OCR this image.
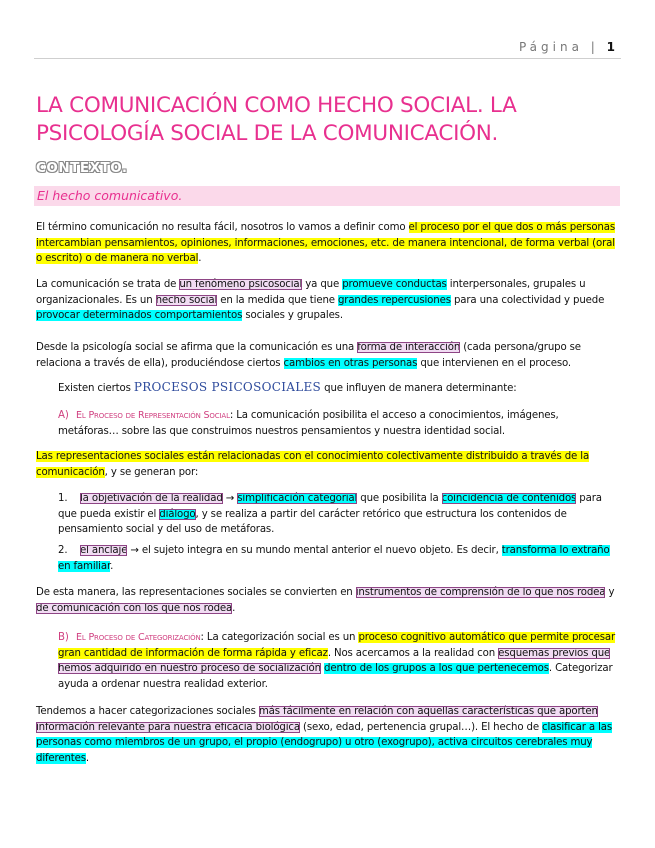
Página | 1
LA COMUNICACIÓN COMO HECHO SOCIAL. LA PSICOLOGÍA SOCIAL DE LA COMUNICACIÓN.
CONTEXTO.
El hecho comunicativo.
El término comunicación no resulta fácil, nosotros lo vamos a definir como el proceso por el que dos o más personas intercambian pensamientos, opiniones, informaciones, emociones, etc. de manera intencional, de forma verbal (oral o escrito) o de manera no verbal.
La comunicación se trata de un fenómeno psicosocial ya que promueve conductas interpersonales, grupales u organizacionales. Es un hecho social en la medida que tiene grandes repercusiones para una colectividad y puede provocar determinados comportamientos sociales y grupales.
Desde la psicología social se afirma que la comunicación es una forma de interacción (cada persona/grupo se relaciona a través de ella), produciéndose ciertos cambios en otras personas que intervienen en el proceso.
Existen ciertos PROCESOS PSICOSOCIALES que influyen de manera determinante:
A) El Proceso de Representación Social: La comunicación posibilita el acceso a conocimientos, imágenes, metáforas… sobre las que construimos nuestros pensamientos y nuestra identidad social.
Las representaciones sociales están relacionadas con el conocimiento colectivamente distribuido a través de la comunicación, y se generan por:
1. la objetivación de la realidad → simplificación categorial que posibilita la coincidencia de contenidos para que pueda existir el diálogo, y se realiza a partir del carácter retórico que estructura los contenidos de pensamiento social y del uso de metáforas.
2. el anclaje → el sujeto integra en su mundo mental anterior el nuevo objeto. Es decir, transforma lo extraño en familiar.
De esta manera, las representaciones sociales se convierten en instrumentos de comprensión de lo que nos rodea y de comunicación con los que nos rodea.
B) El Proceso de Categorización: La categorización social es un proceso cognitivo automático que permite procesar gran cantidad de información de forma rápida y eficaz. Nos acercamos a la realidad con esquemas previos que hemos adquirido en nuestro proceso de socialización dentro de los grupos a los que pertenecemos. Categorizar ayuda a ordenar nuestra realidad exterior.
Tendemos a hacer categorizaciones sociales más fácilmente en relación con aquellas características que aporten información relevante para nuestra eficacia biológica (sexo, edad, pertenencia grupal…). El hecho de clasificar a las personas como miembros de un grupo, el propio (endogrupo) u otro (exogrupo), activa circuitos cerebrales muy diferentes.
